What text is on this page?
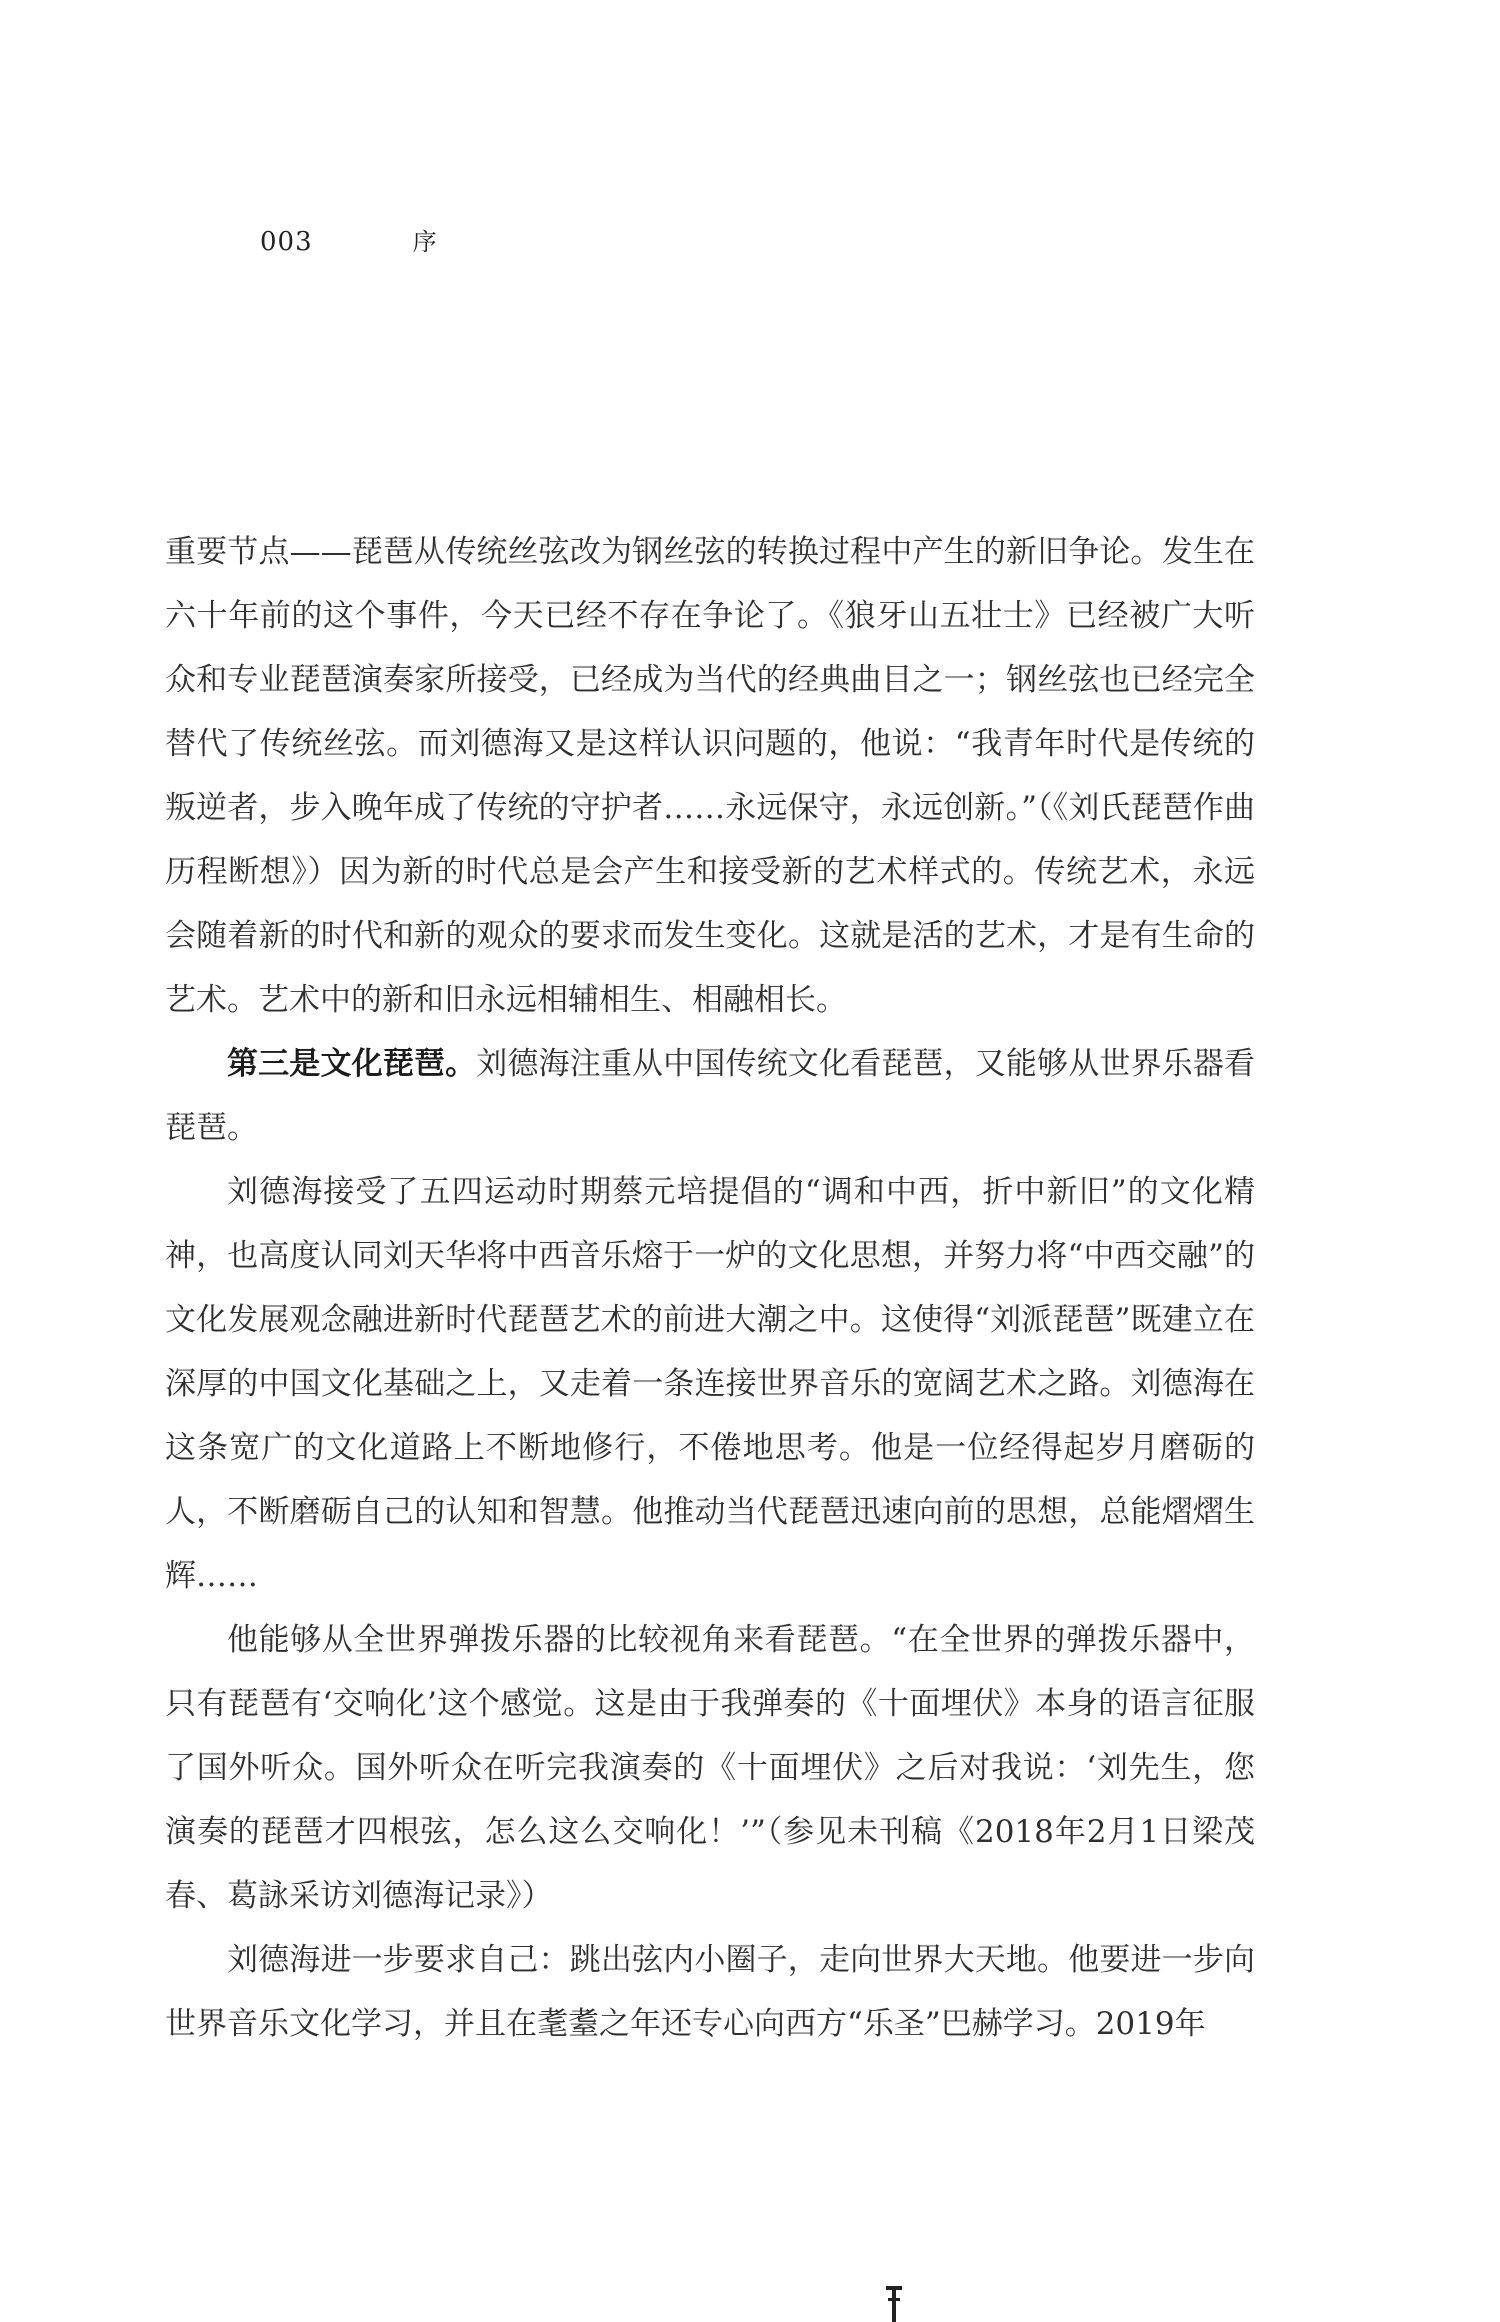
003	序

重要节点——琵琶从传统丝弦改为钢丝弦的转换过程中产生的新旧争论。发生在六十年前的这个事件，今天已经不存在争论了。《狼牙山五壮士》已经被广大听众和专业琵琶演奏家所接受，已经成为当代的经典曲目之一；钢丝弦也已经完全替代了传统丝弦。而刘德海又是这样认识问题的，他说：“我青年时代是传统的叛逆者，步入晚年成了传统的守护者……永远保守，永远创新。”（《刘氏琵琶作曲历程断想》）因为新的时代总是会产生和接受新的艺术样式的。传统艺术，永远会随着新的时代和新的观众的要求而发生变化。这就是活的艺术，才是有生命的艺术。艺术中的新和旧永远相辅相生、相融相长。

第三是文化琵琶。刘德海注重从中国传统文化看琵琶，又能够从世界乐器看琵琶。

刘德海接受了五四运动时期蔡元培提倡的“调和中西，折中新旧”的文化精神，也高度认同刘天华将中西音乐熔于一炉的文化思想，并努力将“中西交融”的文化发展观念融进新时代琵琶艺术的前进大潮之中。这使得“刘派琵琶”既建立在深厚的中国文化基础之上，又走着一条连接世界音乐的宽阔艺术之路。刘德海在这条宽广的文化道路上不断地修行，不倦地思考。他是一位经得起岁月磨砺的人，不断磨砺自己的认知和智慧。他推动当代琵琶迅速向前的思想，总能熠熠生辉……

他能够从全世界弹拨乐器的比较视角来看琵琶。“在全世界的弹拨乐器中，只有琵琶有‘交响化’这个感觉。这是由于我弹奏的《十面埋伏》本身的语言征服了国外听众。国外听众在听完我演奏的《十面埋伏》之后对我说：‘刘先生，您演奏的琵琶才四根弦，怎么这么交响化！’”（参见未刊稿《2018年2月1日梁茂春、葛詠采访刘德海记录》）

刘德海进一步要求自己：跳出弦内小圈子，走向世界大天地。他要进一步向世界音乐文化学习，并且在耄耋之年还专心向西方“乐圣”巴赫学习。2019年
